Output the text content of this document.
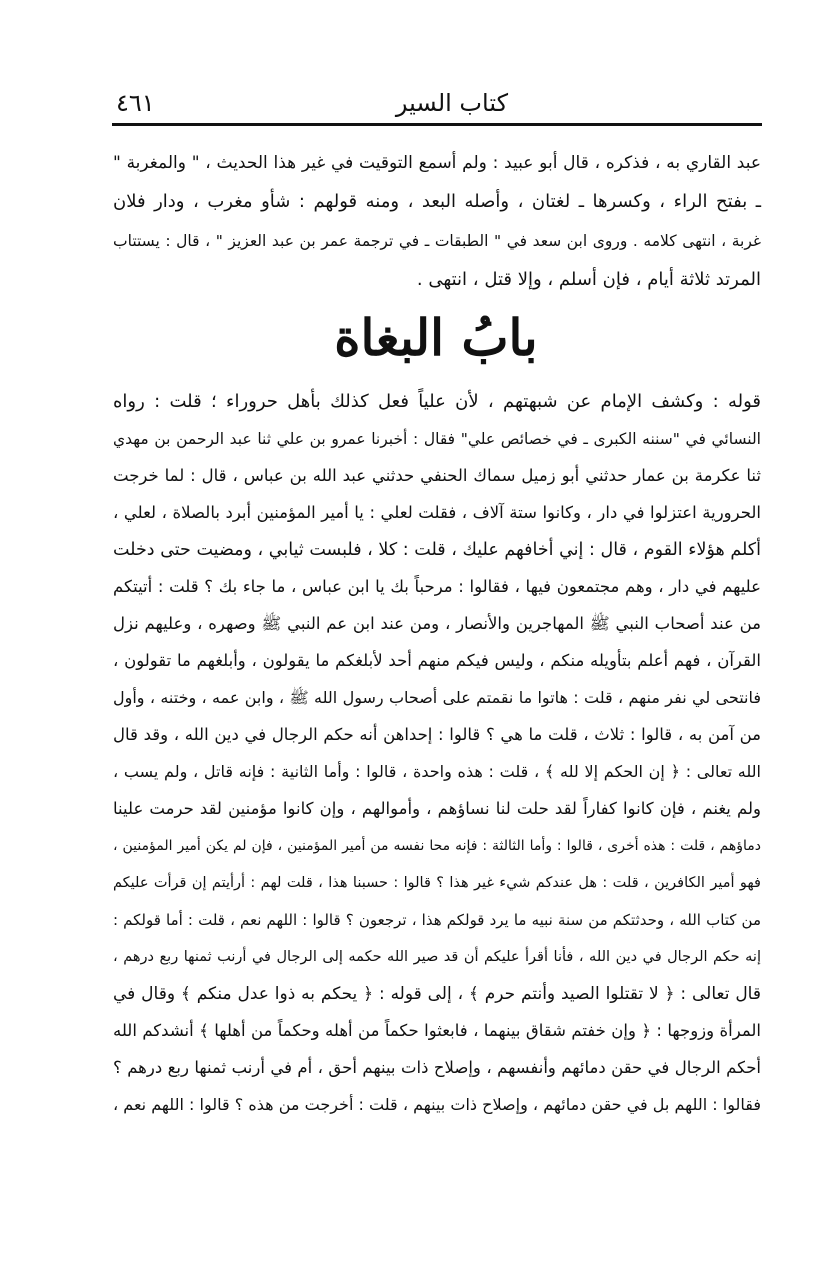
كتاب السير
٤٦١
عبد القاري به ، فذكره ، قال أبو عبيد : ولم أسمع التوقيت في غير هذا الحديث ، " والمغربة "
ـ بفتح الراء ، وكسرها ـ لغتان ، وأصله البعد ، ومنه قولهم : شأو مغرب ، ودار فلان
غربة ، انتهى كلامه . وروى ابن سعد في " الطبقات ـ في ترجمة عمر بن عبد العزيز " ، قال : يستتاب
المرتد ثلاثة أيام ، فإن أسلم ، وإلا قتل ، انتهى .
بابُ البغاة
قوله : وكشف الإمام عن شبهتهم ، لأن علياً فعل كذلك بأهل حروراء ؛ قلت : رواه
النسائي في "سننه الكبرى ـ في خصائص علي" فقال : أخبرنا عمرو بن علي ثنا عبد الرحمن بن مهدي
ثنا عكرمة بن عمار حدثني أبو زميل سماك الحنفي حدثني عبد الله بن عباس ، قال : لما خرجت
الحرورية اعتزلوا في دار ، وكانوا ستة آلاف ، فقلت لعلي : يا أمير المؤمنين أبرد بالصلاة ، لعلي ،
أكلم هؤلاء القوم ، قال : إني أخافهم عليك ، قلت : كلا ، فلبست ثيابي ، ومضيت حتى دخلت
عليهم في دار ، وهم مجتمعون فيها ، فقالوا : مرحباً بك يا ابن عباس ، ما جاء بك ؟ قلت : أتيتكم
من عند أصحاب النبي ﷺ المهاجرين والأنصار ، ومن عند ابن عم النبي ﷺ وصهره ، وعليهم نزل
القرآن ، فهم أعلم بتأويله منكم ، وليس فيكم منهم أحد لأبلغكم ما يقولون ، وأبلغهم ما تقولون ،
فانتحى لي نفر منهم ، قلت : هاتوا ما نقمتم على أصحاب رسول الله ﷺ ، وابن عمه ، وختنه ، وأول
من آمن به ، قالوا : ثلاث ، قلت ما هي ؟ قالوا : إحداهن أنه حكم الرجال في دين الله ، وقد قال
الله تعالى : ﴿ إن الحكم إلا لله ﴾ ، قلت : هذه واحدة ، قالوا : وأما الثانية : فإنه قاتل ، ولم يسب ،
ولم يغنم ، فإن كانوا كفاراً لقد حلت لنا نساؤهم ، وأموالهم ، وإن كانوا مؤمنين لقد حرمت علينا
دماؤهم ، قلت : هذه أخرى ، قالوا : وأما الثالثة : فإنه محا نفسه من أمير المؤمنين ، فإن لم يكن أمير المؤمنين ،
فهو أمير الكافرين ، قلت : هل عندكم شيء غير هذا ؟ قالوا : حسبنا هذا ، قلت لهم : أرأيتم إن قرأت عليكم
من كتاب الله ، وحدثتكم من سنة نبيه ما يرد قولكم هذا ، ترجعون ؟ قالوا : اللهم نعم ، قلت : أما قولكم :
إنه حكم الرجال في دين الله ، فأنا أقرأ عليكم أن قد صير الله حكمه إلى الرجال في أرنب ثمنها ربع درهم ،
قال تعالى : ﴿ لا تقتلوا الصيد وأنتم حرم ﴾ ، إلى قوله : ﴿ يحكم به ذوا عدل منكم ﴾ وقال في
المرأة وزوجها : ﴿ وإن خفتم شقاق بينهما ، فابعثوا حكماً من أهله وحكماً من أهلها ﴾ أنشدكم الله
أحكم الرجال في حقن دمائهم وأنفسهم ، وإصلاح ذات بينهم أحق ، أم في أرنب ثمنها ربع درهم ؟
فقالوا : اللهم بل في حقن دمائهم ، وإصلاح ذات بينهم ، قلت : أخرجت من هذه ؟ قالوا : اللهم نعم ،
